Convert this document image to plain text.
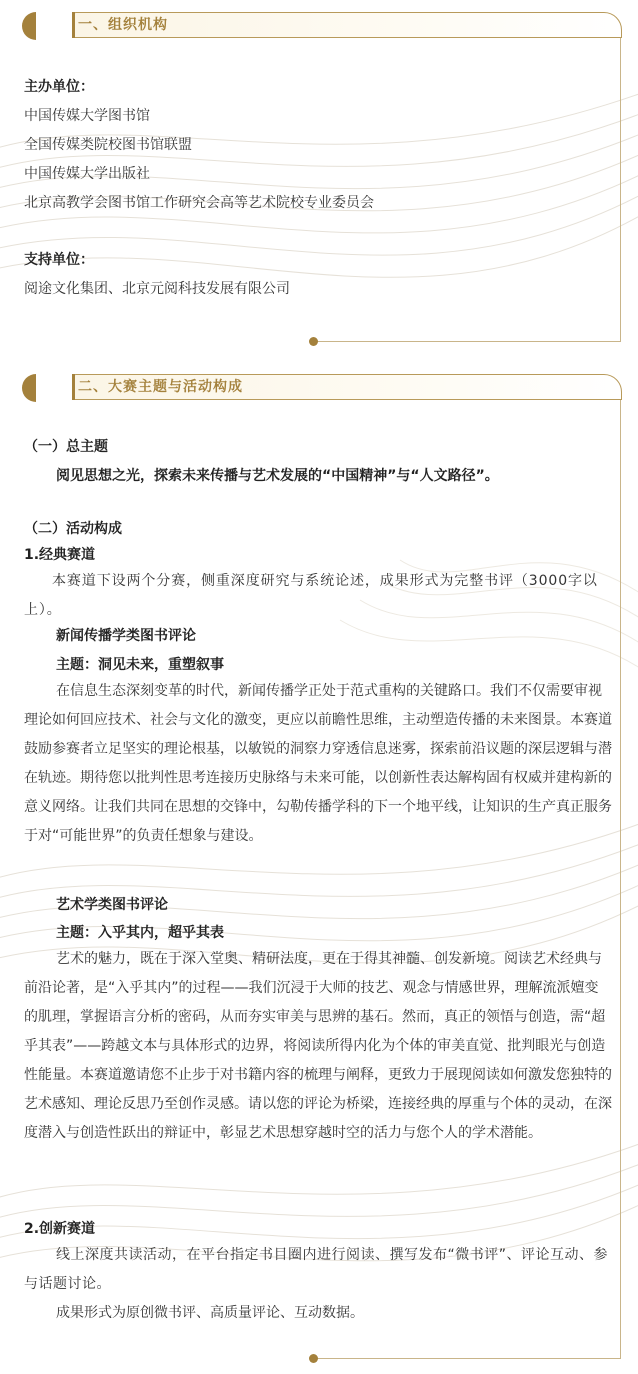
一、组织机构
主办单位：
中国传媒大学图书馆
全国传媒类院校图书馆联盟
中国传媒大学出版社
北京高教学会图书馆工作研究会高等艺术院校专业委员会
支持单位：
阅途文化集团、北京元阅科技发展有限公司
二、大赛主题与活动构成
（一）总主题
阅见思想之光，探索未来传播与艺术发展的“中国精神”与“人文路径”。
（二）活动构成
1.经典赛道
本赛道下设两个分赛，侧重深度研究与系统论述，成果形式为完整书评（3000字以上）。
新闻传播学类图书评论
主题：洞见未来，重塑叙事
在信息生态深刻变革的时代，新闻传播学正处于范式重构的关键路口。我们不仅需要审视理论如何回应技术、社会与文化的激变，更应以前瞻性思维，主动塑造传播的未来图景。本赛道鼓励参赛者立足坚实的理论根基，以敏锐的洞察力穿透信息迷雾，探索前沿议题的深层逻辑与潜在轨迹。期待您以批判性思考连接历史脉络与未来可能，以创新性表达解构固有权威并建构新的意义网络。让我们共同在思想的交锋中，勾勒传播学科的下一个地平线，让知识的生产真正服务于对“可能世界”的负责任想象与建设。
艺术学类图书评论
主题：入乎其内，超乎其表
艺术的魅力，既在于深入堂奥、精研法度，更在于得其神髓、创发新境。阅读艺术经典与前沿论著，是“入乎其内”的过程——我们沉浸于大师的技艺、观念与情感世界，理解流派嬗变的肌理，掌握语言分析的密码，从而夯实审美与思辨的基石。然而，真正的领悟与创造，需“超乎其表”——跨越文本与具体形式的边界，将阅读所得内化为个体的审美直觉、批判眼光与创造性能量。本赛道邀请您不止步于对书籍内容的梳理与阐释，更致力于展现阅读如何激发您独特的艺术感知、理论反思乃至创作灵感。请以您的评论为桥梁，连接经典的厚重与个体的灵动，在深度潜入与创造性跃出的辩证中，彰显艺术思想穿越时空的活力与您个人的学术潜能。
2.创新赛道
线上深度共读活动，在平台指定书目圈内进行阅读、撰写发布“微书评”、评论互动、参与话题讨论。
成果形式为原创微书评、高质量评论、互动数据。
